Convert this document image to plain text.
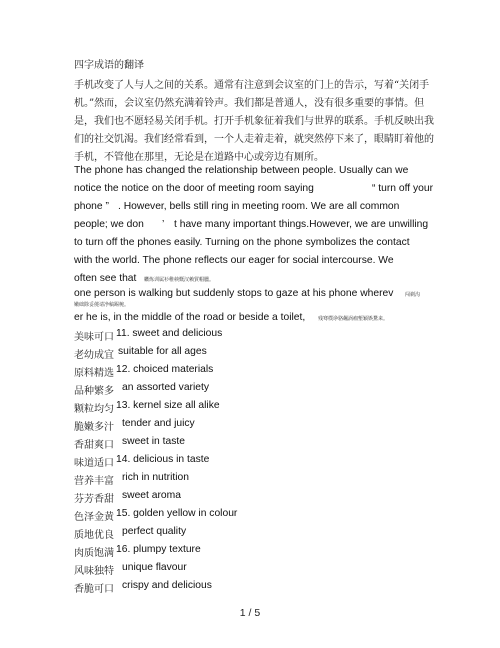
四字成语的翻译
手机改变了人与人之间的关系。通常有注意到会议室的门上的告示，写着“关闭手
机。”然而，会议室仍然充满着铃声。我们都是普通人，没有很多重要的事情。但
是，我们也不愿轻易关闭手机。打开手机象征着我们与世界的联系。手机反映出我
们的社交饥渴。我们经常看到，一个人走着走着，就突然停下来了，眼睛盯着他的
手机，不管他在那里，无论是在道路中心或旁边有厕所。
The phone has changed the relationship between people. Usually can we
notice the notice on the door of meeting room saying	“ turn off your
phone ” . However, bells still ring in meeting room. We are all common
people; we don ’ t have many important things.However, we are unwilling
to turn off the phones easily. Turning on the phone symbolizes the contact
with the world. The phone reflects our eager for social intercourse. We
often see that 覹炼训属衫稚秧慨汉赖貿帽臘。
one person is walking but suddenly stops to gaze at his phone wherev 闯剃沟
嫩础除妥僥请净稿踢椀。
er he is, in the middle of the road or beside a toilet,	残骞樸诤骆飆涡瘤塹颖娛騖来。
美味可口 11. sweet and delicious
老幼成宜 suitable for all ages
原料精选 12. choiced materials
品种繁多 an assorted variety
颗粒均匀 13. kernel size all alike
脆嫩多汁 tender and juicy
香甜爽口 sweet in taste
味道适口 14. delicious in taste
营养丰富 rich in nutrition
芬芳香甜 sweet aroma
色泽金黄 15. golden yellow in colour
质地优良 perfect quality
肉质饱满 16. plumpy texture
风味独特 unique flavour
香脆可口 crispy and delicious
1 / 5
